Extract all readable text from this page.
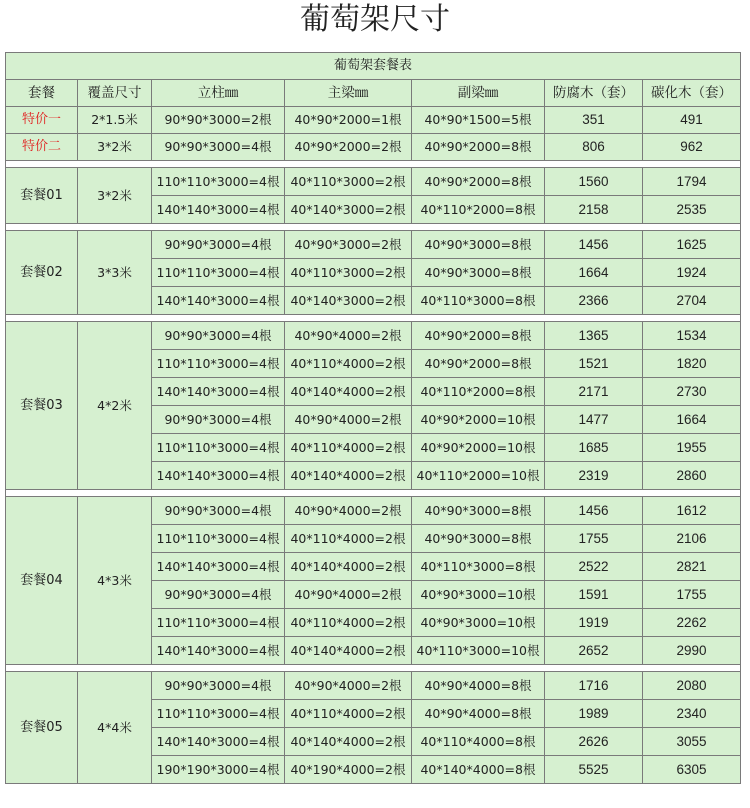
葡萄架尺寸
葡萄架套餐表						
套餐	覆盖尺寸	立柱㎜	主梁㎜	副梁㎜	防腐木（套）	碳化木（套）
特价一	2*1.5米	90*90*3000=2根	40*90*2000=1根	40*90*1500=5根	351	491
特价二	3*2米	90*90*3000=4根	40*90*2000=2根	40*90*2000=8根	806	962

套餐01	3*2米	110*110*3000=4根	40*110*3000=2根	40*90*2000=8根	1560	1794
		140*140*3000=4根	40*140*3000=2根	40*110*2000=8根	2158	2535

套餐02	3*3米	90*90*3000=4根	40*90*3000=2根	40*90*3000=8根	1456	1625
		110*110*3000=4根	40*110*3000=2根	40*90*3000=8根	1664	1924
		140*140*3000=4根	40*140*3000=2根	40*110*3000=8根	2366	2704

套餐03	4*2米	90*90*3000=4根	40*90*4000=2根	40*90*2000=8根	1365	1534
		110*110*3000=4根	40*110*4000=2根	40*90*2000=8根	1521	1820
		140*140*3000=4根	40*140*4000=2根	40*110*2000=8根	2171	2730
		90*90*3000=4根	40*90*4000=2根	40*90*2000=10根	1477	1664
		110*110*3000=4根	40*110*4000=2根	40*90*2000=10根	1685	1955
		140*140*3000=4根	40*140*4000=2根	40*110*2000=10根	2319	2860

套餐04	4*3米	90*90*3000=4根	40*90*4000=2根	40*90*3000=8根	1456	1612
		110*110*3000=4根	40*110*4000=2根	40*90*3000=8根	1755	2106
		140*140*3000=4根	40*140*4000=2根	40*110*3000=8根	2522	2821
		90*90*3000=4根	40*90*4000=2根	40*90*3000=10根	1591	1755
		110*110*3000=4根	40*110*4000=2根	40*90*3000=10根	1919	2262
		140*140*3000=4根	40*140*4000=2根	40*110*3000=10根	2652	2990

套餐05	4*4米	90*90*3000=4根	40*90*4000=2根	40*90*4000=8根	1716	2080
		110*110*3000=4根	40*110*4000=2根	40*90*4000=8根	1989	2340
		140*140*3000=4根	40*140*4000=2根	40*110*4000=8根	2626	3055
		190*190*3000=4根	40*190*4000=2根	40*140*4000=8根	5525	6305
